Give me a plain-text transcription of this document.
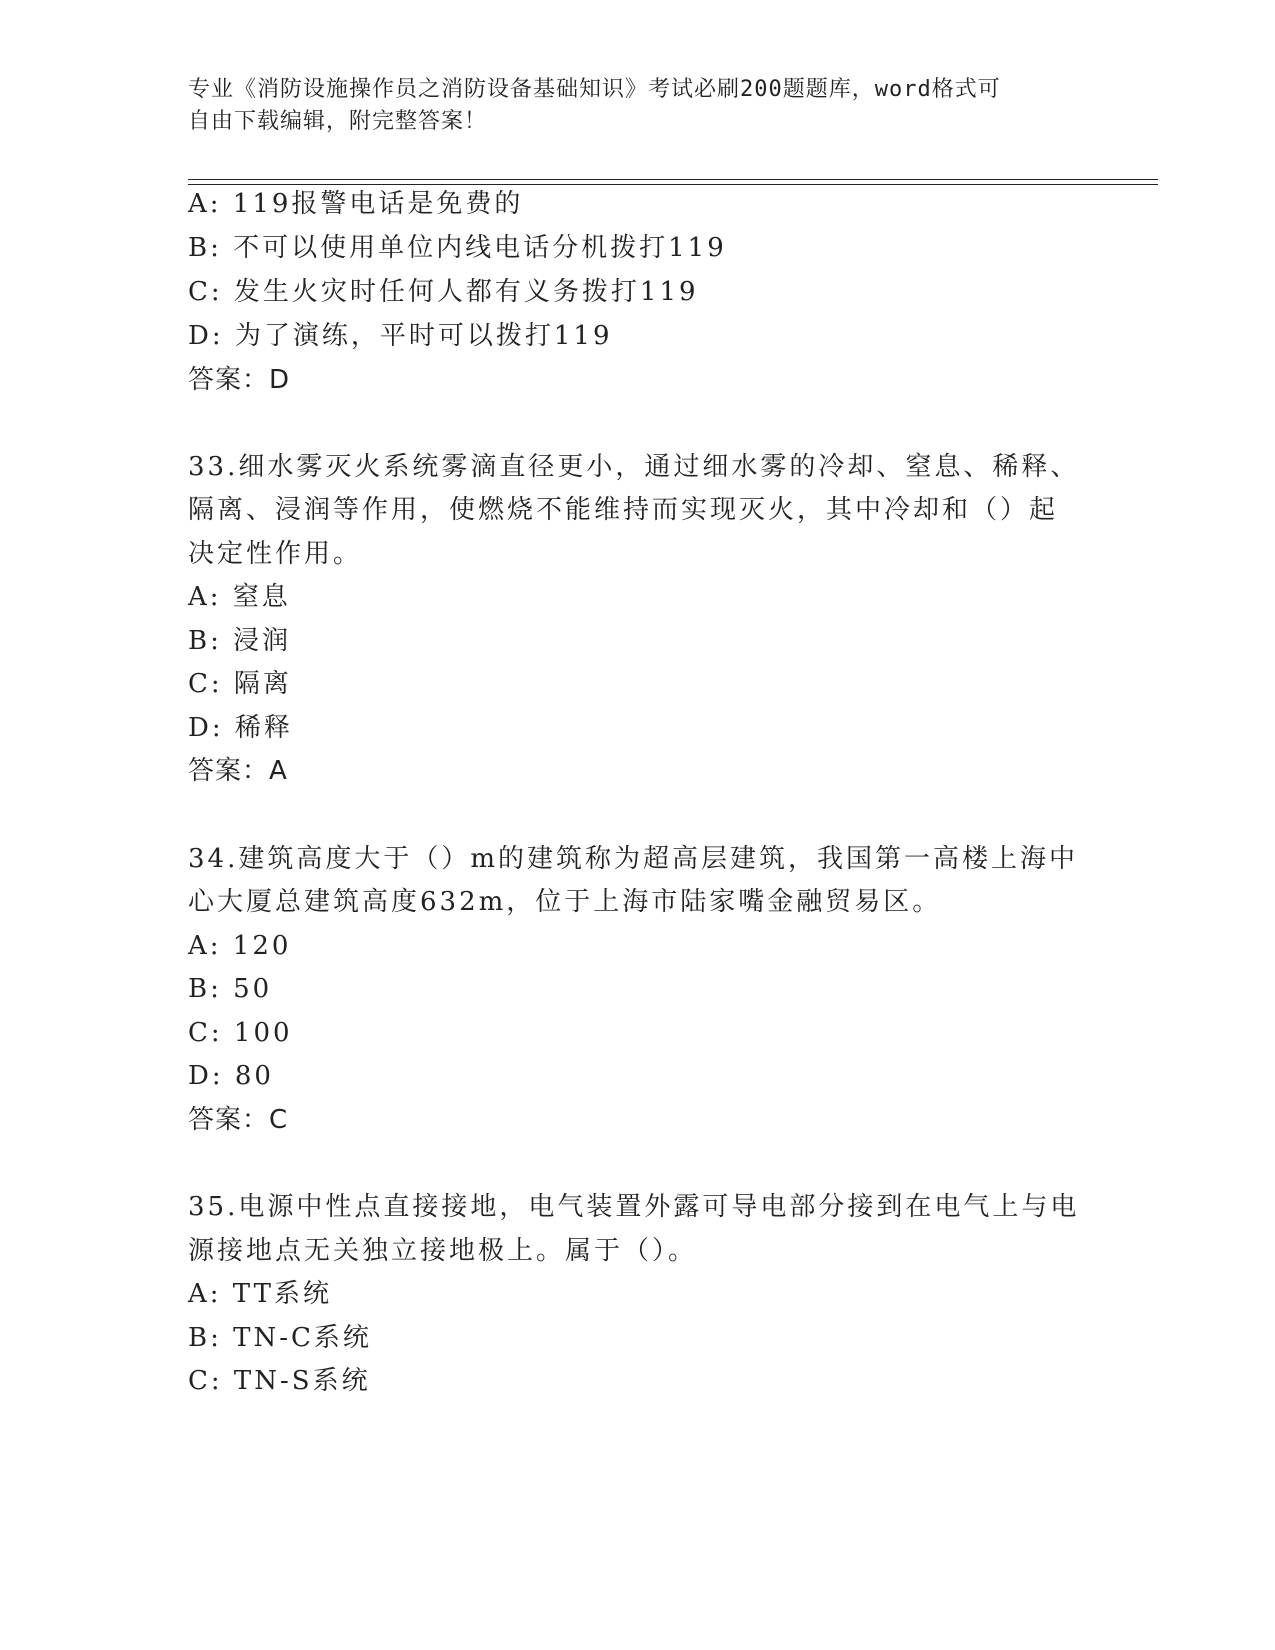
专业《消防设施操作员之消防设备基础知识》考试必刷200题题库，word格式可
自由下载编辑，附完整答案！
A: 119报警电话是免费的
B: 不可以使用单位内线电话分机拨打119
C: 发生火灾时任何人都有义务拨打119
D: 为了演练，平时可以拨打119
答案：D
33.细水雾灭火系统雾滴直径更小，通过细水雾的冷却、窒息、稀释、
隔离、浸润等作用，使燃烧不能维持而实现灭火，其中冷却和（）起
决定性作用。
A: 窒息
B: 浸润
C: 隔离
D: 稀释
答案：A
34.建筑高度大于（）m的建筑称为超高层建筑，我国第一高楼上海中
心大厦总建筑高度632m，位于上海市陆家嘴金融贸易区。
A: 120
B: 50
C: 100
D: 80
答案：C
35.电源中性点直接接地，电气装置外露可导电部分接到在电气上与电
源接地点无关独立接地极上。属于（）。
A: TT系统
B: TN-C系统
C: TN-S系统
